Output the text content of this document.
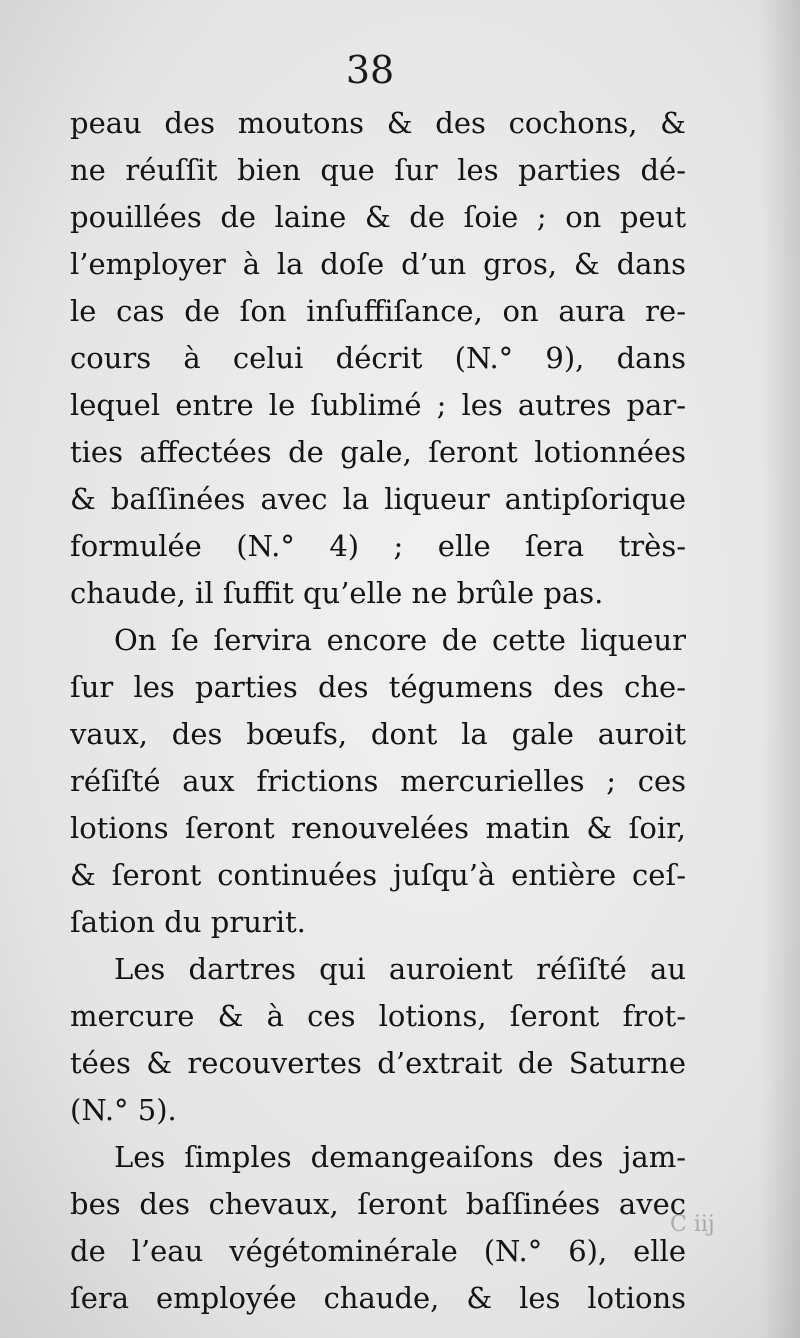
38
peau des moutons & des cochons, &
ne réuſſit bien que ſur les parties dé-
pouillées de laine & de ſoie ; on peut
l’employer à la doſe d’un gros, & dans
le cas de ſon inſuffiſance, on aura re-
cours à celui décrit (N.° 9), dans
lequel entre le ſublimé ; les autres par-
ties affectées de gale, ſeront lotionnées
& baſſinées avec la liqueur antipſorique
formulée (N.° 4) ; elle ſera très-
chaude, il ſuffit qu’elle ne brûle pas.
On ſe ſervira encore de cette liqueur
ſur les parties des tégumens des che-
vaux, des bœufs, dont la gale auroit
réſiſté aux frictions mercurielles ; ces
lotions ſeront renouvelées matin & ſoir,
& ſeront continuées juſqu’à entière ceſ-
ſation du prurit.
Les dartres qui auroient réſiſté au
mercure & à ces lotions, ſeront frot-
tées & recouvertes d’extrait de Saturne
(N.° 5).
Les ſimples demangeaiſons des jam-
bes des chevaux, ſeront baſſinées avec
de l’eau végétominérale (N.° 6), elle
ſera employée chaude, & les lotions
C iij
